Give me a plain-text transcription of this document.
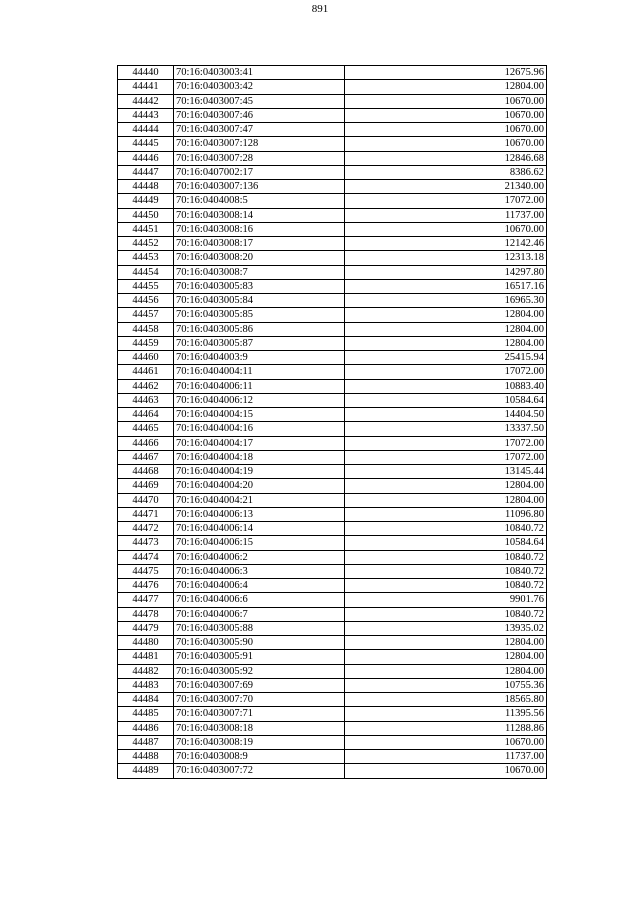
891
44440	70:16:0403003:41	12675.96
44441	70:16:0403003:42	12804.00
44442	70:16:0403007:45	10670.00
44443	70:16:0403007:46	10670.00
44444	70:16:0403007:47	10670.00
44445	70:16:0403007:128	10670.00
44446	70:16:0403007:28	12846.68
44447	70:16:0407002:17	8386.62
44448	70:16:0403007:136	21340.00
44449	70:16:0404008:5	17072.00
44450	70:16:0403008:14	11737.00
44451	70:16:0403008:16	10670.00
44452	70:16:0403008:17	12142.46
44453	70:16:0403008:20	12313.18
44454	70:16:0403008:7	14297.80
44455	70:16:0403005:83	16517.16
44456	70:16:0403005:84	16965.30
44457	70:16:0403005:85	12804.00
44458	70:16:0403005:86	12804.00
44459	70:16:0403005:87	12804.00
44460	70:16:0404003:9	25415.94
44461	70:16:0404004:11	17072.00
44462	70:16:0404006:11	10883.40
44463	70:16:0404006:12	10584.64
44464	70:16:0404004:15	14404.50
44465	70:16:0404004:16	13337.50
44466	70:16:0404004:17	17072.00
44467	70:16:0404004:18	17072.00
44468	70:16:0404004:19	13145.44
44469	70:16:0404004:20	12804.00
44470	70:16:0404004:21	12804.00
44471	70:16:0404006:13	11096.80
44472	70:16:0404006:14	10840.72
44473	70:16:0404006:15	10584.64
44474	70:16:0404006:2	10840.72
44475	70:16:0404006:3	10840.72
44476	70:16:0404006:4	10840.72
44477	70:16:0404006:6	9901.76
44478	70:16:0404006:7	10840.72
44479	70:16:0403005:88	13935.02
44480	70:16:0403005:90	12804.00
44481	70:16:0403005:91	12804.00
44482	70:16:0403005:92	12804.00
44483	70:16:0403007:69	10755.36
44484	70:16:0403007:70	18565.80
44485	70:16:0403007:71	11395.56
44486	70:16:0403008:18	11288.86
44487	70:16:0403008:19	10670.00
44488	70:16:0403008:9	11737.00
44489	70:16:0403007:72	10670.00
